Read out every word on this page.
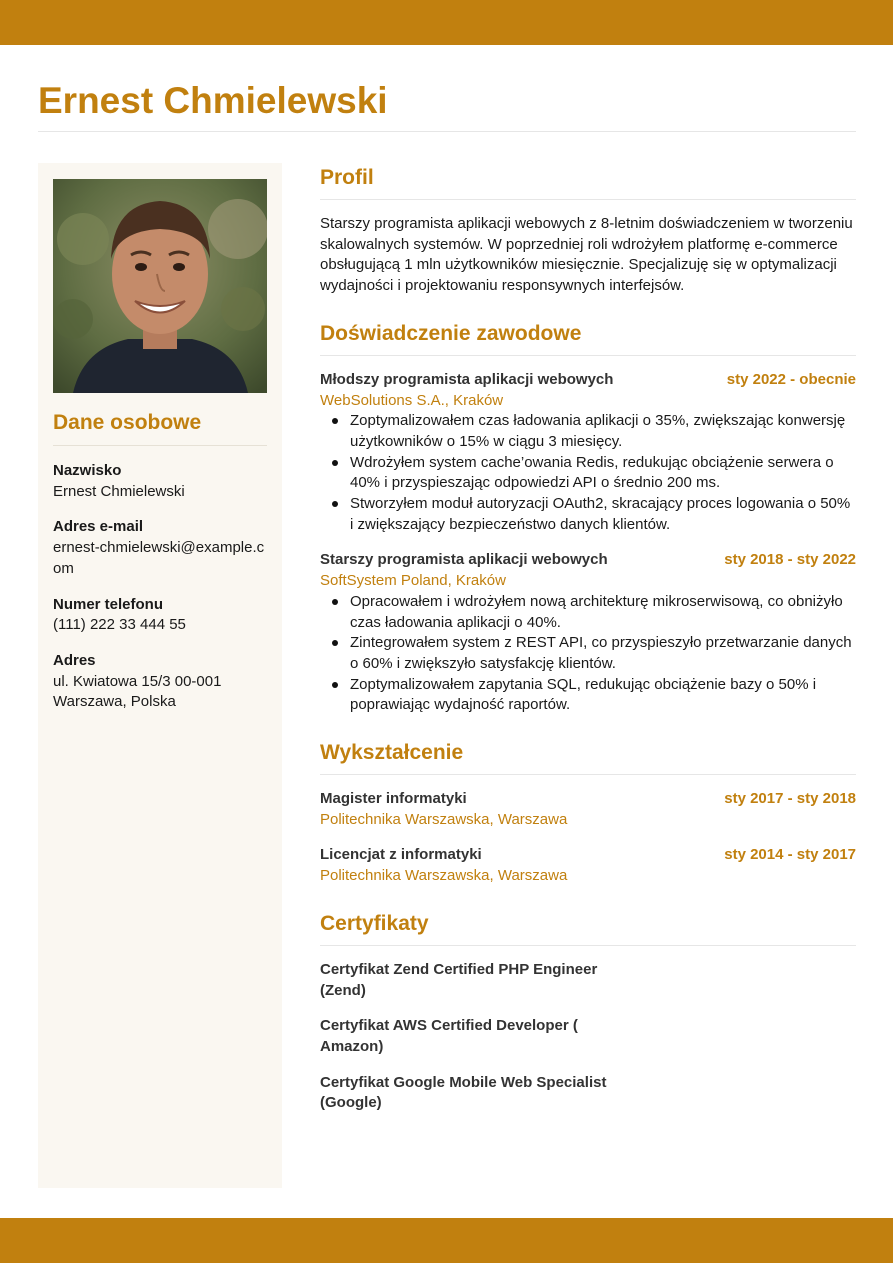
Ernest Chmielewski
Dane osobowe
Nazwisko
Ernest Chmielewski
Adres e-mail
ernest-chmielewski@example.com
Numer telefonu
(111) 222 33 444 55
Adres
ul. Kwiatowa 15/3 00-001 Warszawa, Polska
Profil

Starszy programista aplikacji webowych z 8-letnim doświadczeniem w tworzeniu skalowalnych systemów. W poprzedniej roli wdrożyłem platformę e-commerce obsługującą 1 mln użytkowników miesięcznie. Specjalizuję się w optymalizacji wydajności i projektowaniu responsywnych interfejsów.

Doświadczenie zawodowe
Młodszy programista aplikacji webowych	sty 2022 - obecnie
WebSolutions S.A., Kraków
Zoptymalizowałem czas ładowania aplikacji o 35%, zwiększając konwersję użytkowników o 15% w ciągu 3 miesięcy.
Wdrożyłem system cache’owania Redis, redukując obciążenie serwera o 40% i przyspieszając odpowiedzi API o średnio 200 ms.
Stworzyłem moduł autoryzacji OAuth2, skracający proces logowania o 50% i zwiększający bezpieczeństwo danych klientów.
Starszy programista aplikacji webowych	sty 2018 - sty 2022
SoftSystem Poland, Kraków
Opracowałem i wdrożyłem nową architekturę mikroserwisową, co obniżyło czas ładowania aplikacji o 40%.
Zintegrowałem system z REST API, co przyspieszyło przetwarzanie danych o 60% i zwiększyło satysfakcję klientów.
Zoptymalizowałem zapytania SQL, redukując obciążenie bazy o 50% i poprawiając wydajność raportów.
Wykształcenie
Magister informatyki	sty 2017 - sty 2018
Politechnika Warszawska, Warszawa
Licencjat z informatyki	sty 2014 - sty 2017
Politechnika Warszawska, Warszawa
Certyfikaty
Certyfikat Zend Certified PHP Engineer (Zend)
Certyfikat AWS Certified Developer ( Amazon)
Certyfikat Google Mobile Web Specialist (Google)
